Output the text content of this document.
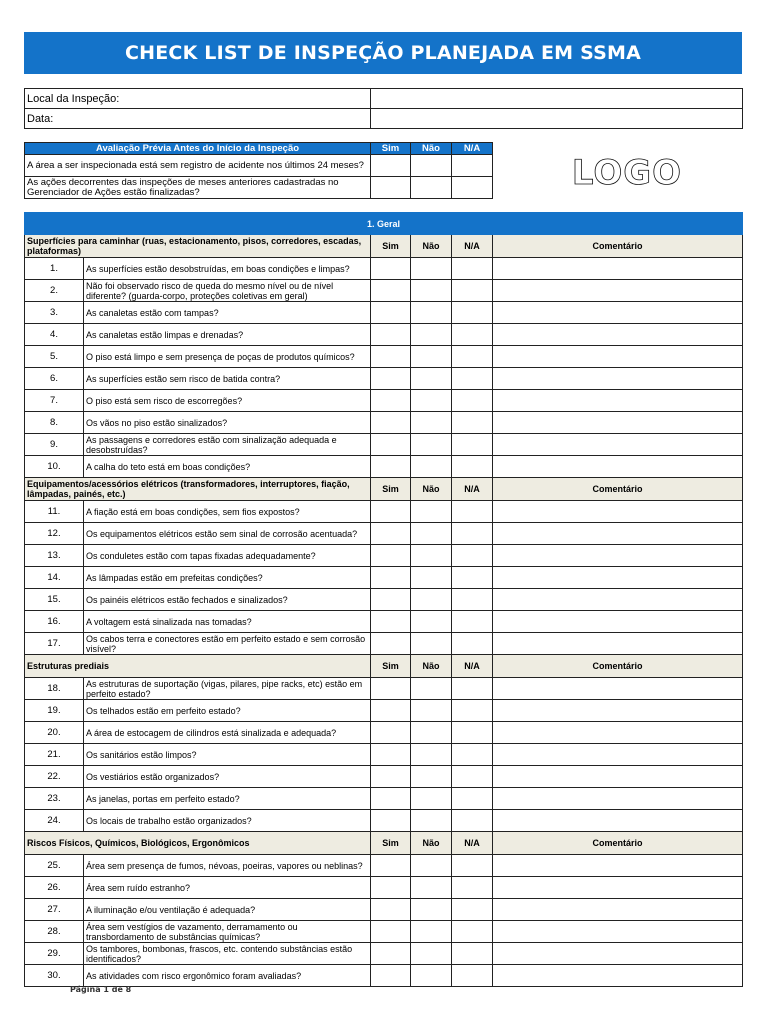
CHECK LIST DE INSPEÇÃO PLANEJADA EM SSMA
Local da Inspeção:	
Data:	
Avaliação Prévia Antes do Início da Inspeção	Sim	Não	N/A
A área a ser inspecionada está sem registro de acidente nos últimos 24 meses?			
As ações decorrentes das inspeções de meses anteriores cadastradas no Gerenciador de Ações estão finalizadas?				LOGO
1. Geral					
Superfícies para caminhar (ruas, estacionamento, pisos, corredores, escadas, plataformas)		Sim	Não	N/A	Comentário
1.	As superfícies estão desobstruídas, em boas condições e limpas?				
2.	Não foi observado risco de queda do mesmo nível ou de nível diferente? (guarda-corpo, proteções coletivas em geral)				
3.	As canaletas estão com tampas?				
4.	As canaletas estão limpas e drenadas?				
5.	O piso está limpo e sem presença de poças de produtos químicos?				
6.	As superfícies estão sem risco de batida contra?				
7.	O piso está sem risco de escorregões?				
8.	Os vãos no piso estão sinalizados?				
9.	As passagens e corredores estão com sinalização adequada e desobstruídas?				
10.	A calha do teto está em boas condições?				
Equipamentos/acessórios elétricos (transformadores, interruptores, fiação, lâmpadas, painés, etc.)		Sim	Não	N/A	Comentário
11.	A fiação está em boas condições, sem fios expostos?				
12.	Os equipamentos elétricos estão sem sinal de corrosão acentuada?				
13.	Os conduletes estão com tapas fixadas adequadamente?				
14.	As lâmpadas estão em prefeitas condições?				
15.	Os painéis elétricos estão fechados e sinalizados?				
16.	A voltagem está sinalizada nas tomadas?				
17.	Os cabos terra e conectores estão em perfeito estado e sem corrosão visível?				
Estruturas prediais		Sim	Não	N/A	Comentário
18.	As estruturas de suportação (vigas, pilares, pipe racks, etc) estão em perfeito estado?				
19.	Os telhados estão em perfeito estado?				
20.	A área de estocagem de cilindros está sinalizada e adequada?				
21.	Os sanitários estão limpos?				
22.	Os vestiários estão organizados?				
23.	As janelas, portas em perfeito estado?				
24.	Os locais de trabalho estão organizados?				
Riscos Físicos, Químicos, Biológicos, Ergonômicos		Sim	Não	N/A	Comentário
25.	Área sem presença de fumos, névoas, poeiras, vapores ou neblinas?				
26.	Área sem ruído estranho?				
27.	A iluminação e/ou ventilação é adequada?				
28.	Área sem vestígios de vazamento, derramamento ou transbordamento de substâncias químicas?				
29.	Os tambores, bombonas, frascos, etc. contendo substâncias estão identificados?				
30.	As atividades com risco ergonômico foram avaliadas?				
Página 1 de 8
